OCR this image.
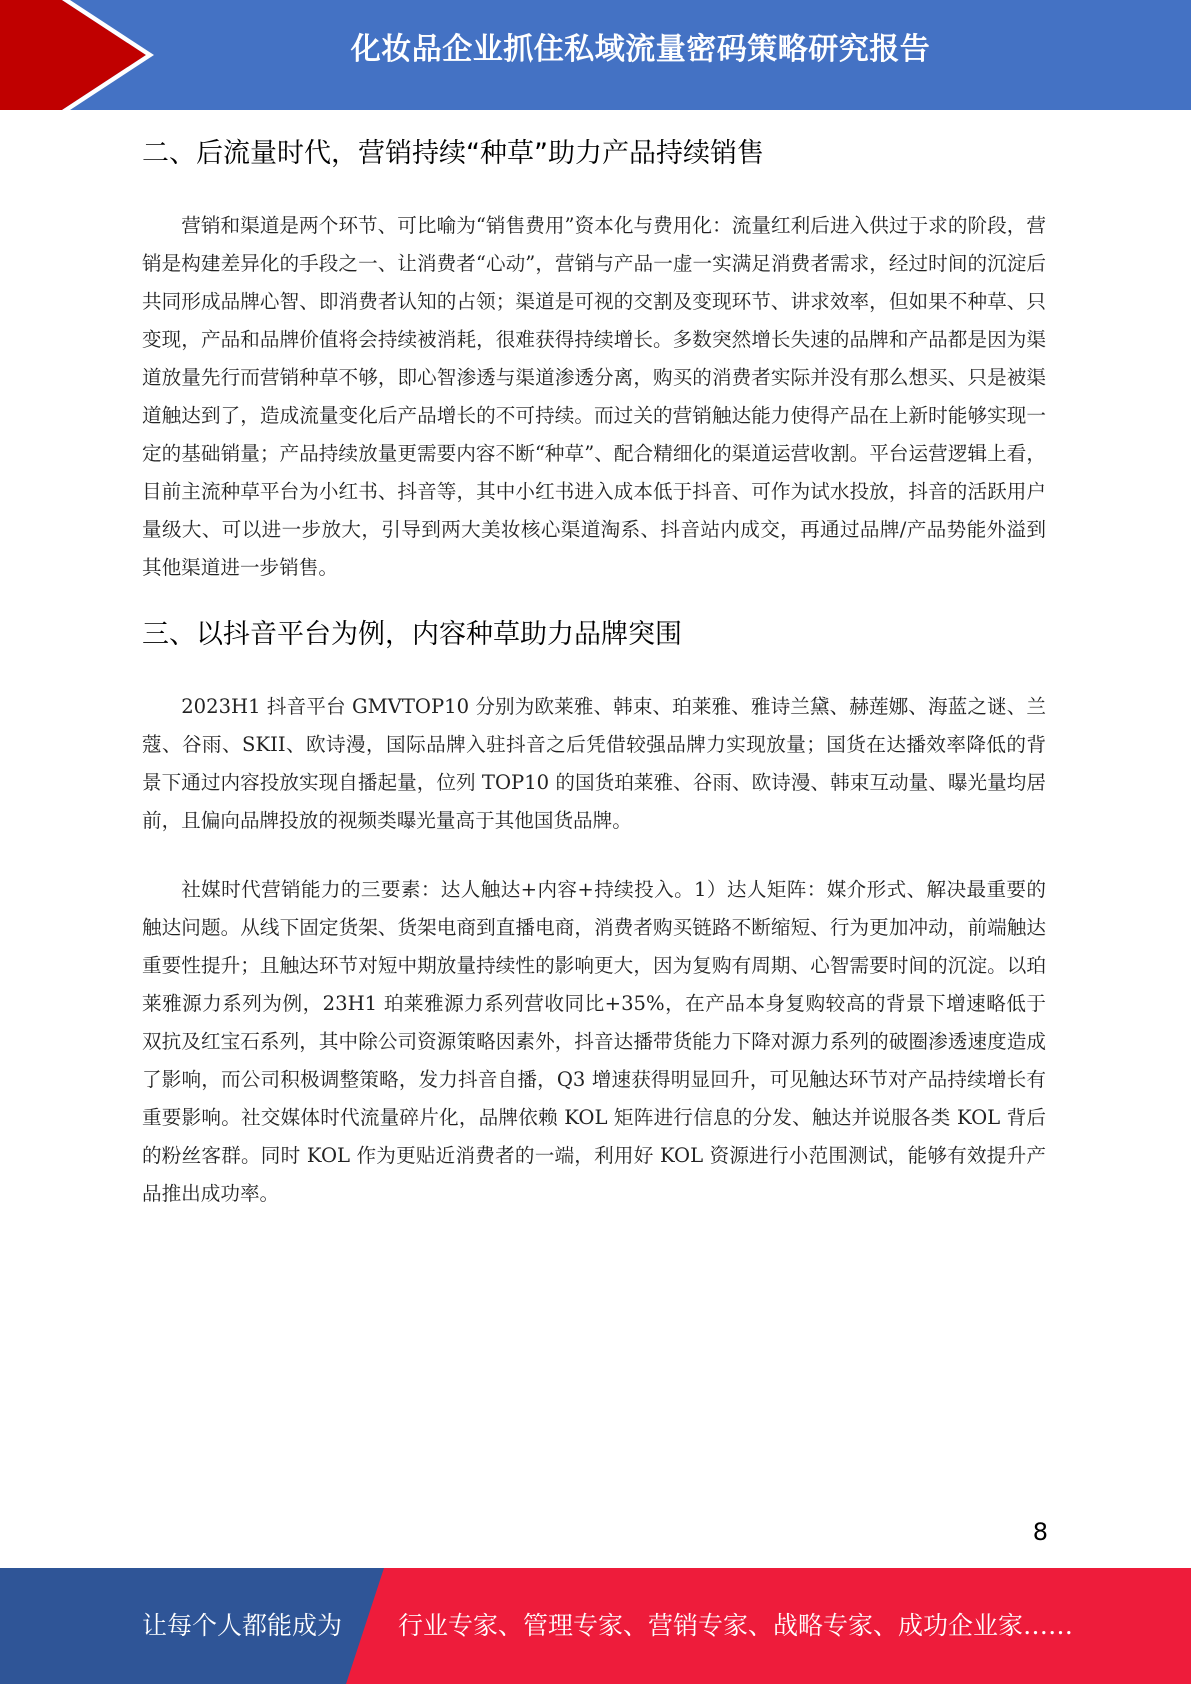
化妆品企业抓住私域流量密码策略研究报告
二、后流量时代，营销持续“种草”助力产品持续销售

营销和渠道是两个环节、可比喻为“销售费用”资本化与费用化：流量红利后进入供过于求的阶段，营销是构建差异化的手段之一、让消费者“心动”，营销与产品一虚一实满足消费者需求，经过时间的沉淀后共同形成品牌心智、即消费者认知的占领；渠道是可视的交割及变现环节、讲求效率，但如果不种草、只变现，产品和品牌价值将会持续被消耗，很难获得持续增长。多数突然增长失速的品牌和产品都是因为渠道放量先行而营销种草不够，即心智渗透与渠道渗透分离，购买的消费者实际并没有那么想买、只是被渠道触达到了，造成流量变化后产品增长的不可持续。而过关的营销触达能力使得产品在上新时能够实现一定的基础销量；产品持续放量更需要内容不断“种草”、配合精细化的渠道运营收割。平台运营逻辑上看，目前主流种草平台为小红书、抖音等，其中小红书进入成本低于抖音、可作为试水投放，抖音的活跃用户量级大、可以进一步放大，引导到两大美妆核心渠道淘系、抖音站内成交，再通过品牌/产品势能外溢到其他渠道进一步销售。

三、以抖音平台为例，内容种草助力品牌突围

2023H1 抖音平台 GMVTOP10 分别为欧莱雅、韩束、珀莱雅、雅诗兰黛、赫莲娜、海蓝之谜、兰蔻、谷雨、SKII、欧诗漫，国际品牌入驻抖音之后凭借较强品牌力实现放量；国货在达播效率降低的背景下通过内容投放实现自播起量，位列 TOP10 的国货珀莱雅、谷雨、欧诗漫、韩束互动量、曝光量均居前，且偏向品牌投放的视频类曝光量高于其他国货品牌。

社媒时代营销能力的三要素：达人触达+内容+持续投入。1）达人矩阵：媒介形式、解决最重要的触达问题。从线下固定货架、货架电商到直播电商，消费者购买链路不断缩短、行为更加冲动，前端触达重要性提升；且触达环节对短中期放量持续性的影响更大，因为复购有周期、心智需要时间的沉淀。以珀莱雅源力系列为例，23H1 珀莱雅源力系列营收同比+35%，在产品本身复购较高的背景下增速略低于双抗及红宝石系列，其中除公司资源策略因素外，抖音达播带货能力下降对源力系列的破圈渗透速度造成了影响，而公司积极调整策略，发力抖音自播，Q3 增速获得明显回升，可见触达环节对产品持续增长有重要影响。社交媒体时代流量碎片化，品牌依赖 KOL 矩阵进行信息的分发、触达并说服各类 KOL 背后的粉丝客群。同时 KOL 作为更贴近消费者的一端，利用好 KOL 资源进行小范围测试，能够有效提升产品推出成功率。

8
让每个人都能成为 行业专家、管理专家、营销专家、战略专家、成功企业家……
